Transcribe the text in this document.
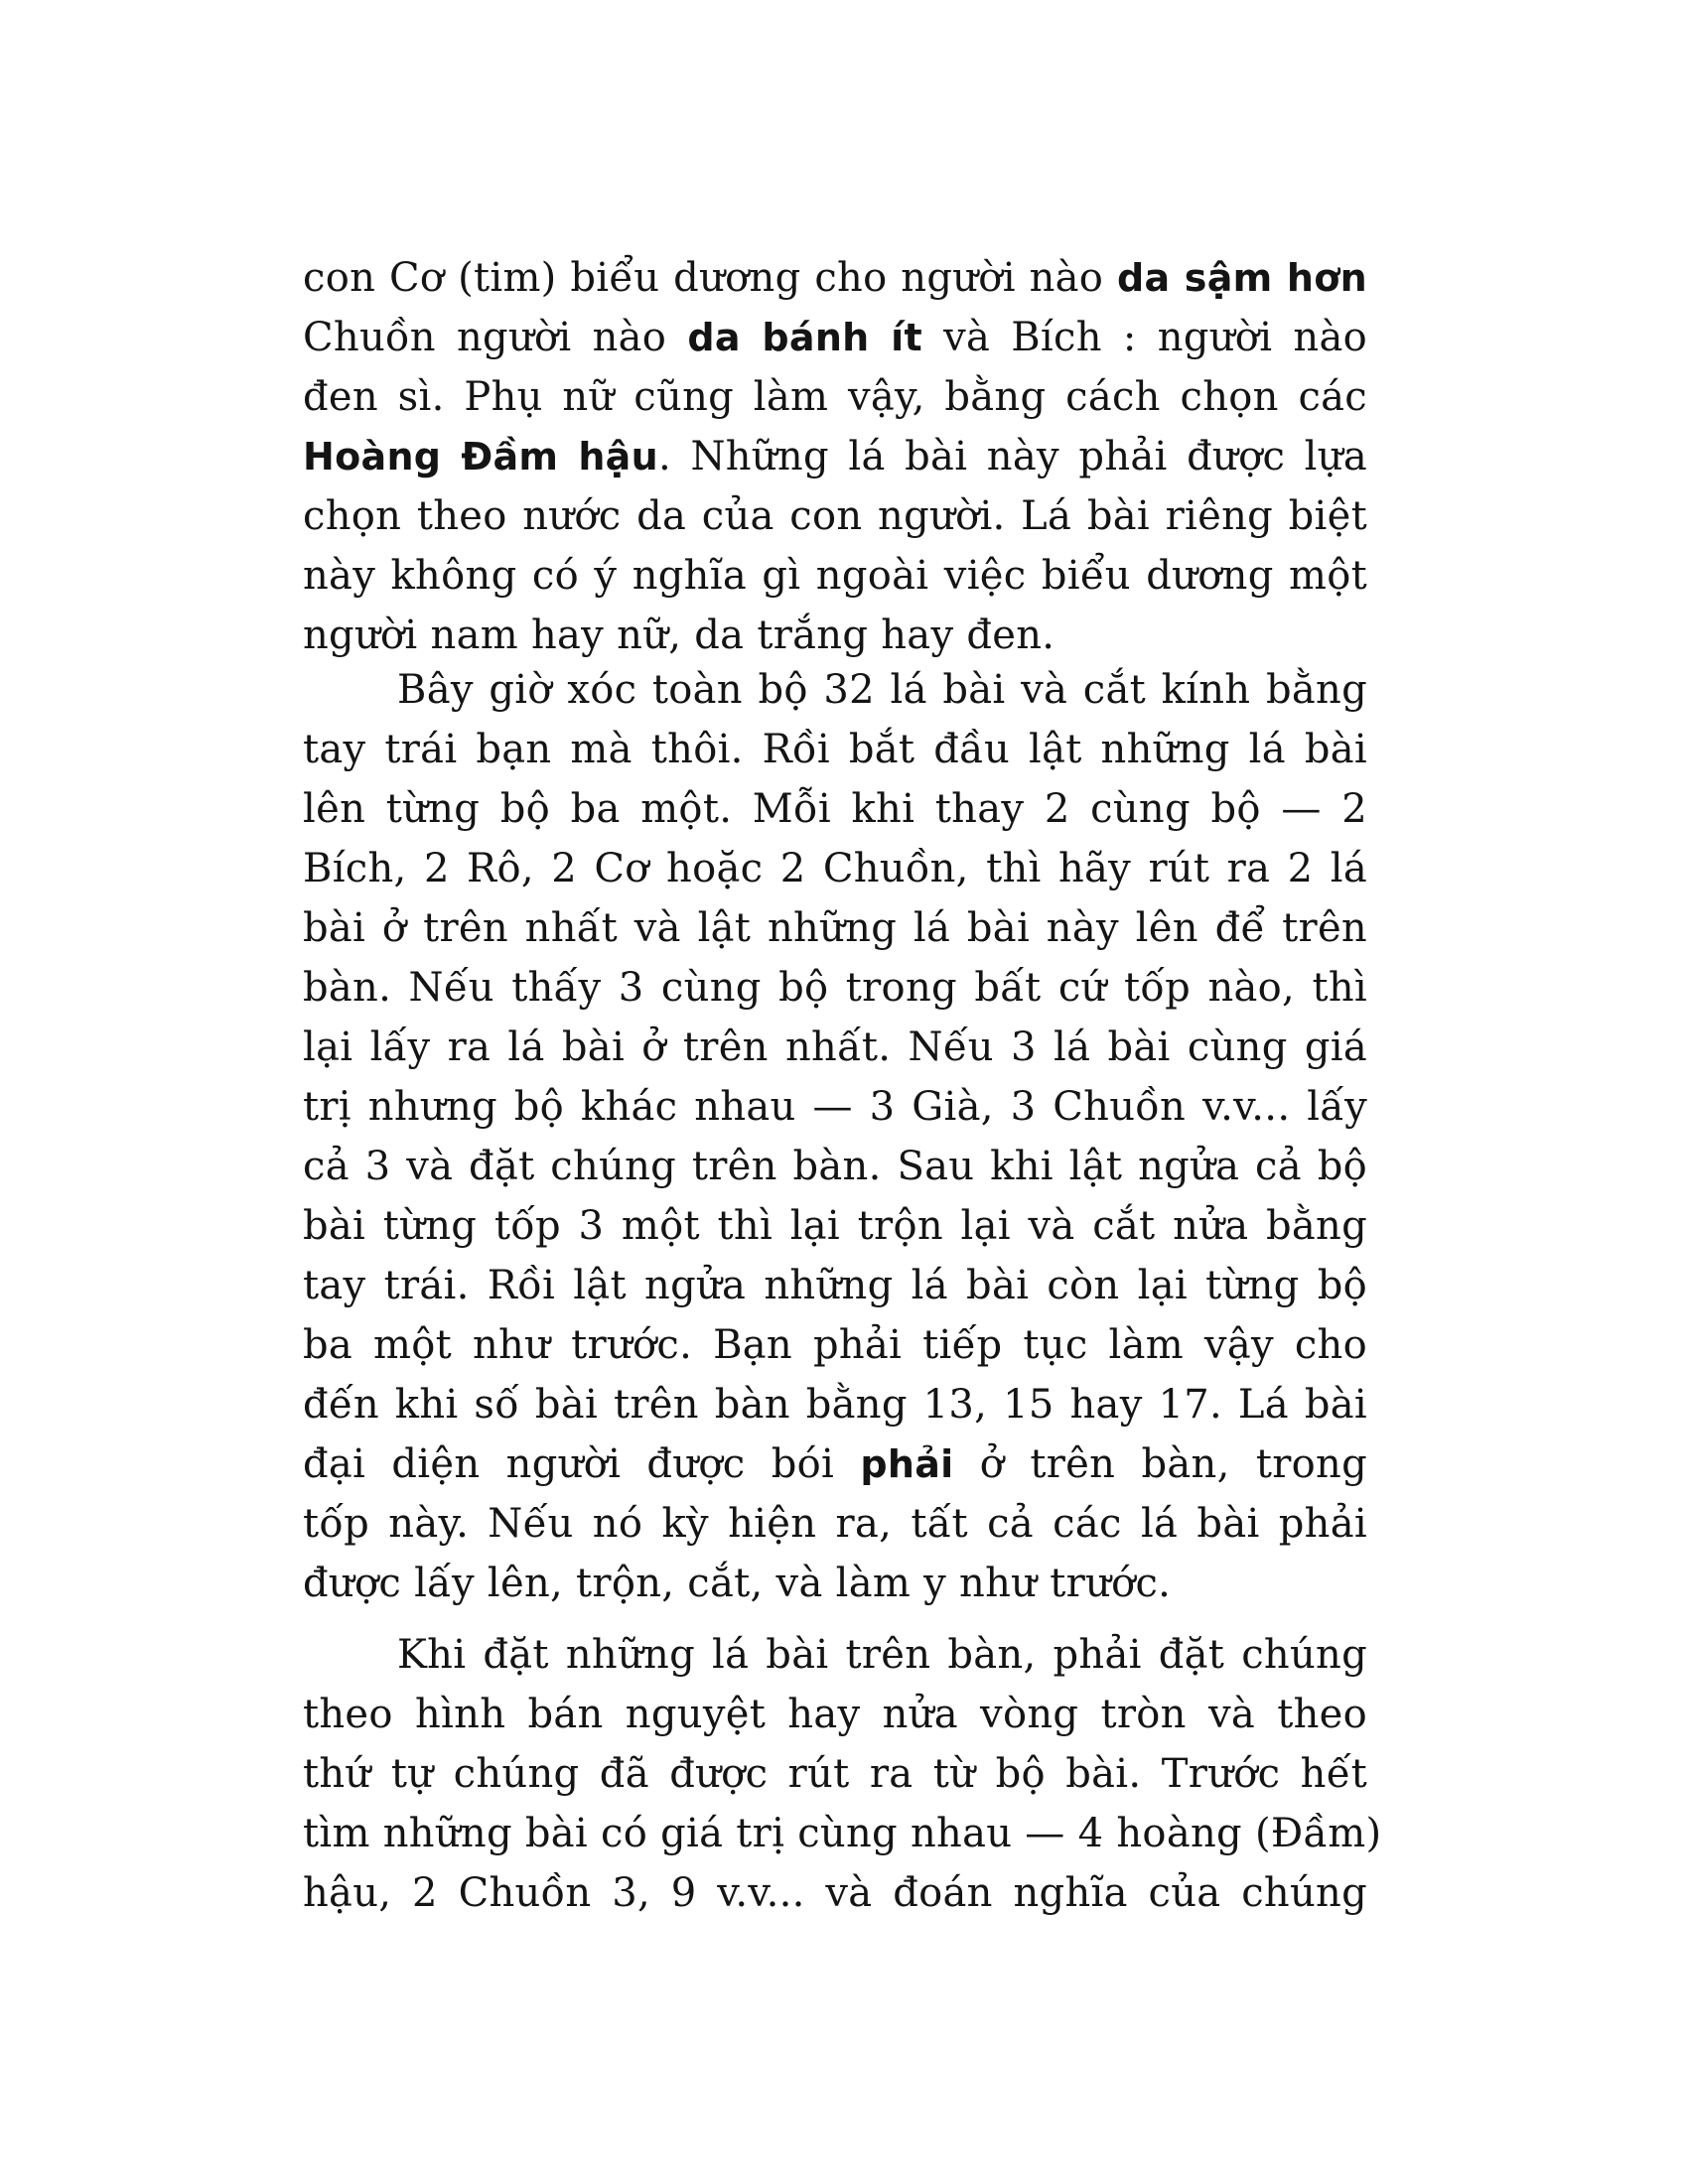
con Cơ (tim) biểu dương cho người nào da sậm hơn
Chuồn người nào da bánh ít và Bích : người nào
đen sì. Phụ nữ cũng làm vậy, bằng cách chọn các
Hoàng Đầm hậu. Những lá bài này phải được lựa
chọn theo nước da của con người. Lá bài riêng biệt
này không có ý nghĩa gì ngoài việc biểu dương một
người nam hay nữ, da trắng hay đen.
Bây giờ xóc toàn bộ 32 lá bài và cắt kính bằng
tay trái bạn mà thôi. Rồi bắt đầu lật những lá bài
lên từng bộ ba một. Mỗi khi thay 2 cùng bộ — 2
Bích, 2 Rô, 2 Cơ hoặc 2 Chuồn, thì hãy rút ra 2 lá
bài ở trên nhất và lật những lá bài này lên để trên
bàn. Nếu thấy 3 cùng bộ trong bất cứ tốp nào, thì
lại lấy ra lá bài ở trên nhất. Nếu 3 lá bài cùng giá
trị nhưng bộ khác nhau — 3 Già, 3 Chuồn v.v... lấy
cả 3 và đặt chúng trên bàn. Sau khi lật ngửa cả bộ
bài từng tốp 3 một thì lại trộn lại và cắt nửa bằng
tay trái. Rồi lật ngửa những lá bài còn lại từng bộ
ba một như trước. Bạn phải tiếp tục làm vậy cho
đến khi số bài trên bàn bằng 13, 15 hay 17. Lá bài
đại diện người được bói phải ở trên bàn, trong
tốp này. Nếu nó kỳ hiện ra, tất cả các lá bài phải
được lấy lên, trộn, cắt, và làm y như trước.
Khi đặt những lá bài trên bàn, phải đặt chúng
theo hình bán nguyệt hay nửa vòng tròn và theo
thứ tự chúng đã được rút ra từ bộ bài. Trước hết
tìm những bài có giá trị cùng nhau — 4 hoàng (Đầm)
hậu, 2 Chuồn 3, 9 v.v... và đoán nghĩa của chúng
